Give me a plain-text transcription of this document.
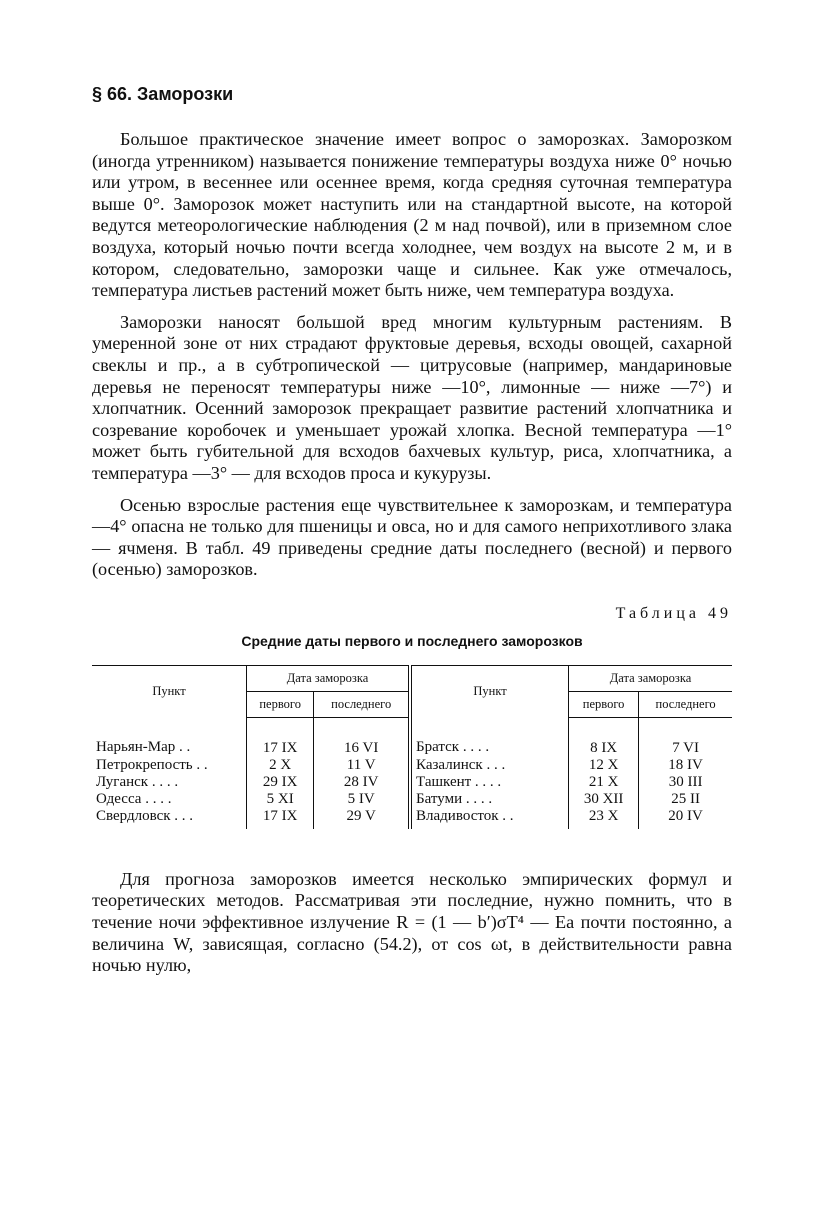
§ 66. Заморозки

Большое практическое значение имеет вопрос о заморозках. Заморозком (иногда утренником) называется понижение температуры воздуха ниже 0° ночью или утром, в весеннее или осеннее время, когда средняя суточная температура выше 0°. Заморозок может наступить или на стандартной высоте, на которой ведутся метеорологические наблюдения (2 м над почвой), или в приземном слое воздуха, который ночью почти всегда холоднее, чем воздух на высоте 2 м, и в котором, следовательно, заморозки чаще и сильнее. Как уже отмечалось, температура листьев растений может быть ниже, чем температура воздуха.

Заморозки наносят большой вред многим культурным растениям. В умеренной зоне от них страдают фруктовые деревья, всходы овощей, сахарной свеклы и пр., а в субтропической — цитрусовые (например, мандариновые деревья не переносят температуры ниже —10°, лимонные — ниже —7°) и хлопчатник. Осенний заморозок прекращает развитие растений хлопчатника и созревание коробочек и уменьшает урожай хлопка. Весной температура —1° может быть губительной для всходов бахчевых культур, риса, хлопчатника, а температура —3° — для всходов проса и кукурузы.

Осенью взрослые растения еще чувствительнее к заморозкам, и температура —4° опасна не только для пшеницы и овса, но и для самого неприхотливого злака — ячменя. В табл. 49 приведены средние даты последнего (весной) и первого (осенью) заморозков.

Таблица 49
Средние даты первого и последнего заморозков
Пункт	Дата заморозка		Пункт	Дата заморозка	
	первого	последнего		первого	последнего
Нарьян-Мар . .	17 IX	16 VI	Братск . . . .	8 IX	7 VI
Петрокрепость . .	2 X	11 V	Казалинск . . .	12 X	18 IV
Луганск . . . .	29 IX	28 IV	Ташкент . . . .	21 X	30 III
Одесса . . . .	5 XI	5 IV	Батуми . . . .	30 XII	25 II
Свердловск . . .	17 IX	29 V	Владивосток . .	23 X	20 IV

Для прогноза заморозков имеется несколько эмпирических формул и теоретических методов. Рассматривая эти последние, нужно помнить, что в течение ночи эффективное излучение R = (1 — b′)σT⁴ — Ea почти постоянно, а величина W, зависящая, согласно (54.2), от cos ωt, в действительности равна ночью нулю,
